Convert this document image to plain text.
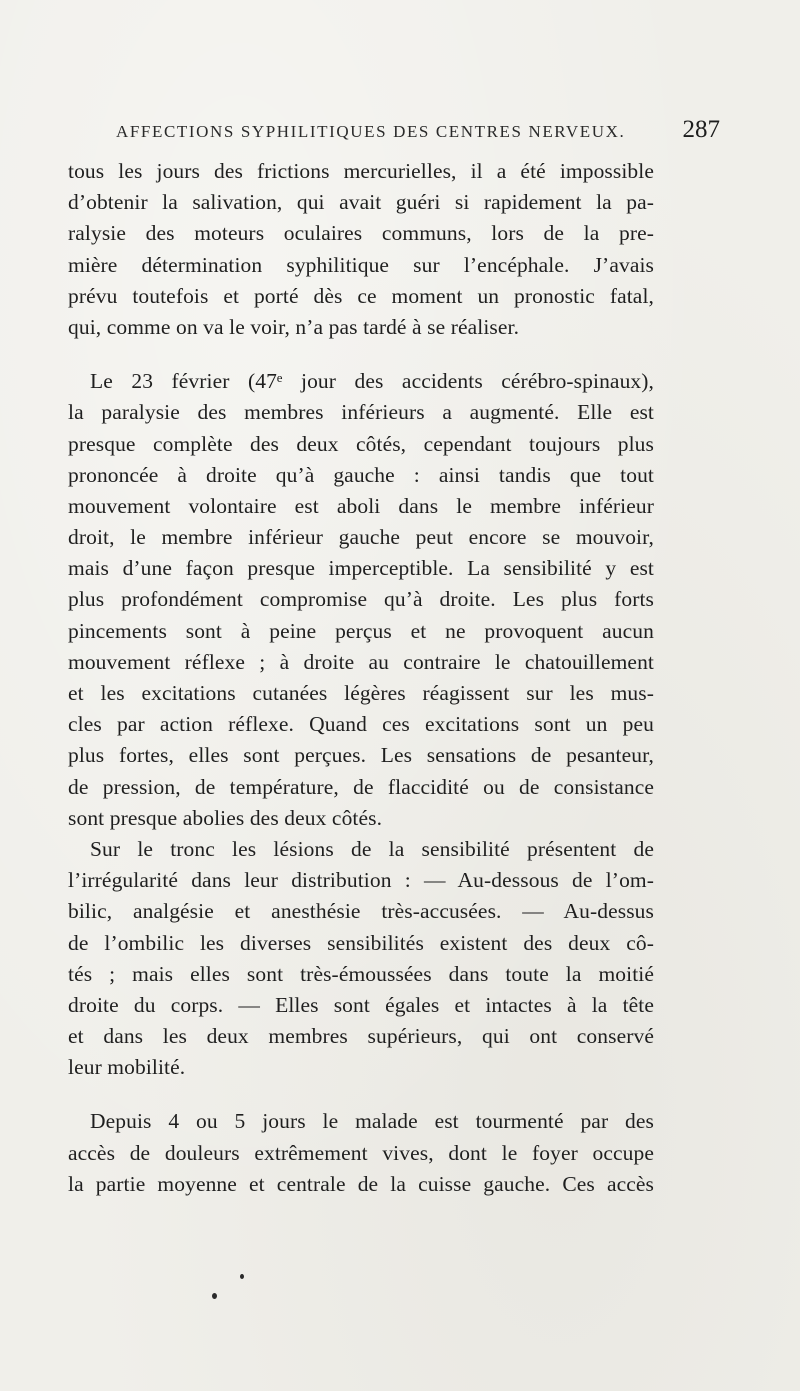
AFFECTIONS SYPHILITIQUES DES CENTRES NERVEUX. 287
tous les jours des frictions mercurielles, il a été impossible
d’obtenir la salivation, qui avait guéri si rapidement la pa-
ralysie des moteurs oculaires communs, lors de la pre-
mière détermination syphilitique sur l’encéphale. J’avais
prévu toutefois et porté dès ce moment un pronostic fatal,
qui, comme on va le voir, n’a pas tardé à se réaliser.
Le 23 février (47ᵉ jour des accidents cérébro-spinaux),
la paralysie des membres inférieurs a augmenté. Elle est
presque complète des deux côtés, cependant toujours plus
prononcée à droite qu’à gauche : ainsi tandis que tout
mouvement volontaire est aboli dans le membre inférieur
droit, le membre inférieur gauche peut encore se mouvoir,
mais d’une façon presque imperceptible. La sensibilité y est
plus profondément compromise qu’à droite. Les plus forts
pincements sont à peine perçus et ne provoquent aucun
mouvement réflexe ; à droite au contraire le chatouillement
et les excitations cutanées légères réagissent sur les mus-
cles par action réflexe. Quand ces excitations sont un peu
plus fortes, elles sont perçues. Les sensations de pesanteur,
de pression, de température, de flaccidité ou de consistance
sont presque abolies des deux côtés.
Sur le tronc les lésions de la sensibilité présentent de
l’irrégularité dans leur distribution : — Au-dessous de l’om-
bilic, analgésie et anesthésie très-accusées. — Au-dessus
de l’ombilic les diverses sensibilités existent des deux cô-
tés ; mais elles sont très-émoussées dans toute la moitié
droite du corps. — Elles sont égales et intactes à la tête
et dans les deux membres supérieurs, qui ont conservé
leur mobilité.
Depuis 4 ou 5 jours le malade est tourmenté par des
accès de douleurs extrêmement vives, dont le foyer occupe
la partie moyenne et centrale de la cuisse gauche. Ces accès
